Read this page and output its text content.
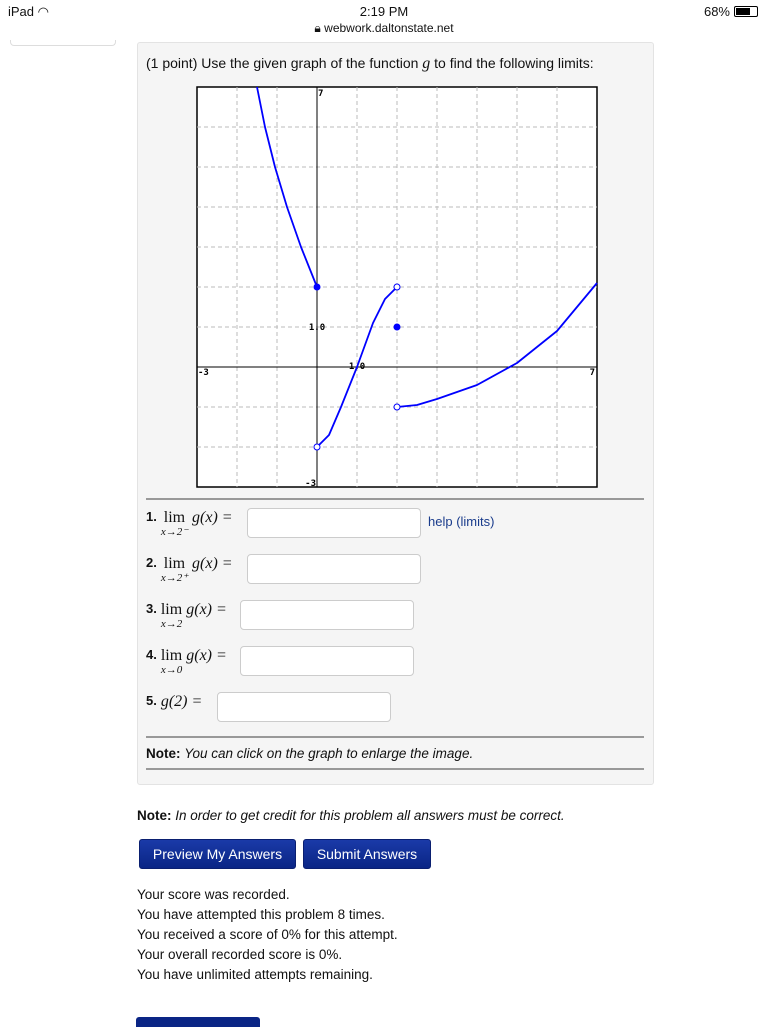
iPad ◠	2:19 PM
🔒︎ webwork.daltonstate.net
68%
(1 point) Use the given graph of the function g to find the following limits:
-3	7
7
-3
1.0
1.0
1. lim
x→2⁻
g(x) =
2. lim
x→2⁺
g(x) =
3. lim
x→2
g(x) =
4. lim
x→0
g(x) =
5. g(2) =
help (limits)
Note: You can click on the graph to enlarge the image.
Note: In order to get credit for this problem all answers must be correct.
Preview My Answers	Submit Answers
Your score was recorded.
You have attempted this problem 8 times.
You received a score of 0% for this attempt.
Your overall recorded score is 0%.
You have unlimited attempts remaining.
